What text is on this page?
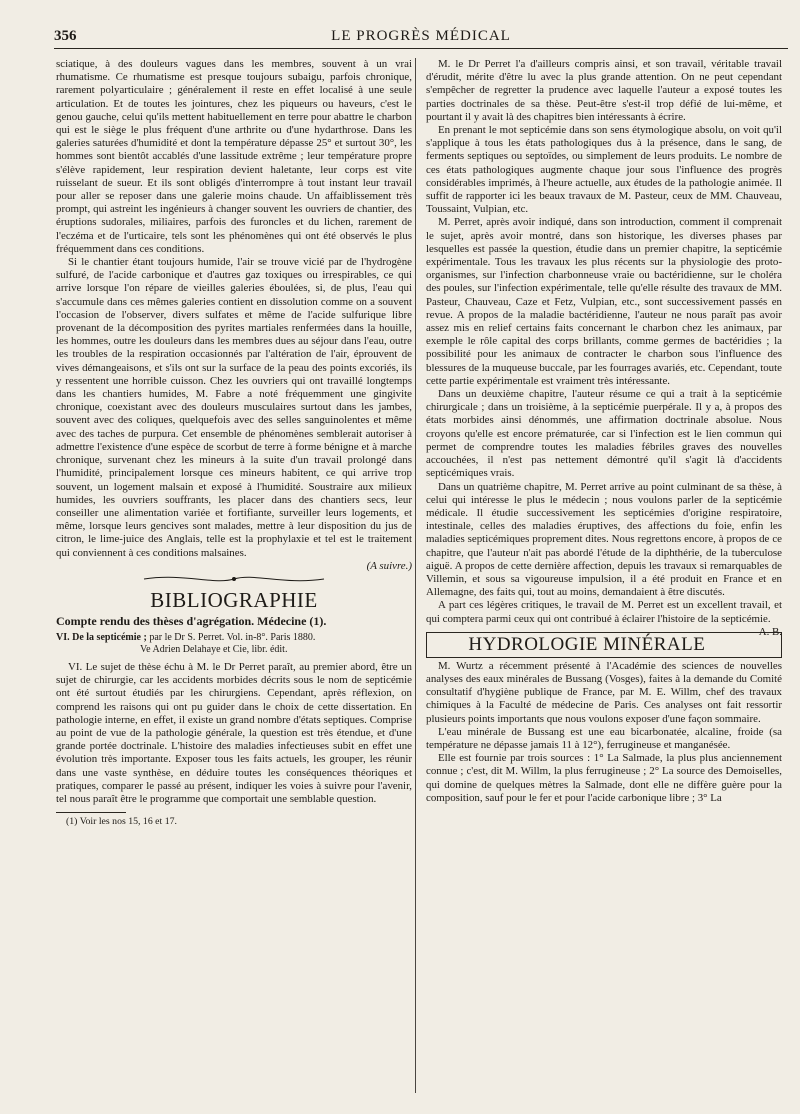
356	LE PROGRÈS MÉDICAL

sciatique, à des douleurs vagues dans les membres, souvent à un vrai rhumatisme. Ce rhumatisme est presque toujours subaigu, parfois chronique, rarement polyarticulaire ; généralement il reste en effet localisé à une seule articulation. Et de toutes les jointures, chez les piqueurs ou haveurs, c'est le genou gauche, celui qu'ils mettent habituellement en terre pour abattre le charbon qui est le siège le plus fréquent d'une arthrite ou d'une hydarthrose. Dans les galeries saturées d'humidité et dont la température dépasse 25° et surtout 30°, les hommes sont bientôt accablés d'une lassitude extrême ; leur température propre s'élève rapidement, leur respiration devient haletante, leur corps est vite ruisselant de sueur. Et ils sont obligés d'interrompre à tout instant leur travail pour aller se reposer dans une galerie moins chaude. Un affaiblissement très prompt, qui astreint les ingénieurs à changer souvent les ouvriers de chantier, des éruptions sudorales, miliaires, parfois des furoncles et du lichen, rarement de l'eczéma et de l'urticaire, tels sont les phénomènes qui ont été observés le plus fréquemment dans ces conditions.

Si le chantier étant toujours humide, l'air se trouve vicié par de l'hydrogène sulfuré, de l'acide carbonique et d'autres gaz toxiques ou irrespirables, ce qui arrive lorsque l'on répare de vieilles galeries éboulées, si, de plus, l'eau qui s'accumule dans ces mêmes galeries contient en dissolution comme on a souvent l'occasion de l'observer, divers sulfates et même de l'acide sulfurique libre provenant de la décomposition des pyrites martiales renfermées dans la houille, les hommes, outre les douleurs dans les membres dues au séjour dans l'eau, outre les troubles de la respiration occasionnés par l'altération de l'air, éprouvent de vives démangeaisons, et s'ils ont sur la surface de la peau des points excoriés, ils y ressentent une horrible cuisson. Chez les ouvriers qui ont travaillé longtemps dans les chantiers humides, M. Fabre a noté fréquemment une gingivite chronique, coexistant avec des douleurs musculaires surtout dans les jambes, souvent avec des coliques, quelquefois avec des selles sanguinolentes et même avec des taches de purpura. Cet ensemble de phénomènes semblerait autoriser à admettre l'existence d'une espèce de scorbut de terre à forme bénigne et à marche chronique, survenant chez les mineurs à la suite d'un travail prolongé dans l'humidité, principalement lorsque ces mineurs habitent, ce qui arrive trop souvent, un logement malsain et exposé à l'humidité. Soustraire aux milieux humides, les ouvriers souffrants, les placer dans des chantiers secs, leur conseiller une alimentation variée et fortifiante, surveiller leurs logements, et même, lorsque leurs gencives sont malades, mettre à leur disposition du jus de citron, le lime-juice des Anglais, telle est la prophylaxie et tel est le traitement qui conviennent à ces conditions malsaines.

(A suivre.)
BIBLIOGRAPHIE

Compte rendu des thèses d'agrégation. Médecine (1).

VI. De la septicémie ; par le Dr S. Perret. Vol. in-8°. Paris 1880.
Ve Adrien Delahaye et Cie, libr. édit.

VI. Le sujet de thèse échu à M. le Dr Perret paraît, au premier abord, être un sujet de chirurgie, car les accidents morbides décrits sous le nom de septicémie ont été surtout étudiés par les chirurgiens. Cependant, après réflexion, on comprend les raisons qui ont pu guider dans le choix de cette dissertation. En pathologie interne, en effet, il existe un grand nombre d'états septiques. Comprise au point de vue de la pathologie générale, la question est très étendue, et d'une grande portée doctrinale. L'histoire des maladies infectieuses subit en effet une évolution très importante. Exposer tous les faits actuels, les grouper, les réunir dans une vaste synthèse, en déduire toutes les conséquences théoriques et pratiques, comparer le passé au présent, indiquer les voies à suivre pour l'avenir, tel nous paraît être le programme que comportait une semblable question.

(1) Voir les nos 15, 16 et 17.

M. le Dr Perret l'a d'ailleurs compris ainsi, et son travail, véritable travail d'érudit, mérite d'être lu avec la plus grande attention. On ne peut cependant s'empêcher de regretter la prudence avec laquelle l'auteur a exposé toutes les parties doctrinales de sa thèse. Peut-être s'est-il trop défié de lui-même, et pourtant il y avait là des chapitres bien intéressants à écrire.

En prenant le mot septicémie dans son sens étymologique absolu, on voit qu'il s'applique à tous les états pathologiques dus à la présence, dans le sang, de ferments septiques ou septoïdes, ou simplement de leurs produits. Le nombre de ces états pathologiques augmente chaque jour sous l'influence des progrès considérables imprimés, à l'heure actuelle, aux études de la pathologie animée. Il suffit de rapporter ici les beaux travaux de M. Pasteur, ceux de MM. Chauveau, Toussaint, Vulpian, etc.

M. Perret, après avoir indiqué, dans son introduction, comment il comprenait le sujet, après avoir montré, dans son historique, les diverses phases par lesquelles est passée la question, étudie dans un premier chapitre, la septicémie expérimentale. Tous les travaux les plus récents sur la physiologie des proto-organismes, sur l'infection charbonneuse vraie ou bactéridienne, sur le choléra des poules, sur l'infection expérimentale, telle qu'elle résulte des travaux de MM. Pasteur, Chauveau, Caze et Fetz, Vulpian, etc., sont successivement passés en revue. A propos de la maladie bactéridienne, l'auteur ne nous paraît pas avoir assez mis en relief certains faits concernant le charbon chez les animaux, par exemple le rôle capital des corps brillants, comme germes de bactéridies ; la possibilité pour les animaux de contracter le charbon sous l'influence des blessures de la muqueuse buccale, par les fourrages avariés, etc. Cependant, toute cette partie expérimentale est vraiment très intéressante.

Dans un deuxième chapitre, l'auteur résume ce qui a trait à la septicémie chirurgicale ; dans un troisième, à la septicémie puerpérale. Il y a, à propos des états morbides ainsi dénommés, une affirmation doctrinale absolue. Nous croyons qu'elle est encore prématurée, car si l'infection est le lien commun qui permet de comprendre toutes les maladies fébriles graves des nouvelles accouchées, il n'est pas nettement démontré qu'il s'agit là d'accidents septicémiques vrais.

Dans un quatrième chapitre, M. Perret arrive au point culminant de sa thèse, à celui qui intéresse le plus le médecin ; nous voulons parler de la septicémie médicale. Il étudie successivement les septicémies d'origine respiratoire, intestinale, celles des maladies éruptives, des affections du foie, enfin les maladies septicémiques proprement dites. Nous regrettons encore, à propos de ce chapitre, que l'auteur n'ait pas abordé l'étude de la diphthérie, de la tuberculose aiguë. A propos de cette dernière affection, depuis les travaux si remarquables de Villemin, et sous sa vigoureuse impulsion, il a été produit en France et en Allemagne, des faits qui, tout au moins, demandaient à être discutés.

A part ces légères critiques, le travail de M. Perret est un excellent travail, et qui comptera parmi ceux qui ont contribué à éclairer l'histoire de la septicémie.
A. B.

HYDROLOGIE MINÉRALE

M. Wurtz a récemment présenté à l'Académie des sciences de nouvelles analyses des eaux minérales de Bussang (Vosges), faites à la demande du Comité consultatif d'hygiène publique de France, par M. E. Willm, chef des travaux chimiques à la Faculté de médecine de Paris. Ces analyses ont fait ressortir plusieurs points importants que nous voulons exposer d'une façon sommaire.

L'eau minérale de Bussang est une eau bicarbonatée, alcaline, froide (sa température ne dépasse jamais 11 à 12°), ferrugineuse et manganésée.

Elle est fournie par trois sources : 1° La Salmade, la plus plus anciennement connue ; c'est, dit M. Willm, la plus ferrugineuse ; 2° La source des Demoiselles, qui domine de quelques mètres la Salmade, dont elle ne diffère guère pour la composition, sauf pour le fer et pour l'acide carbonique libre ; 3° La
